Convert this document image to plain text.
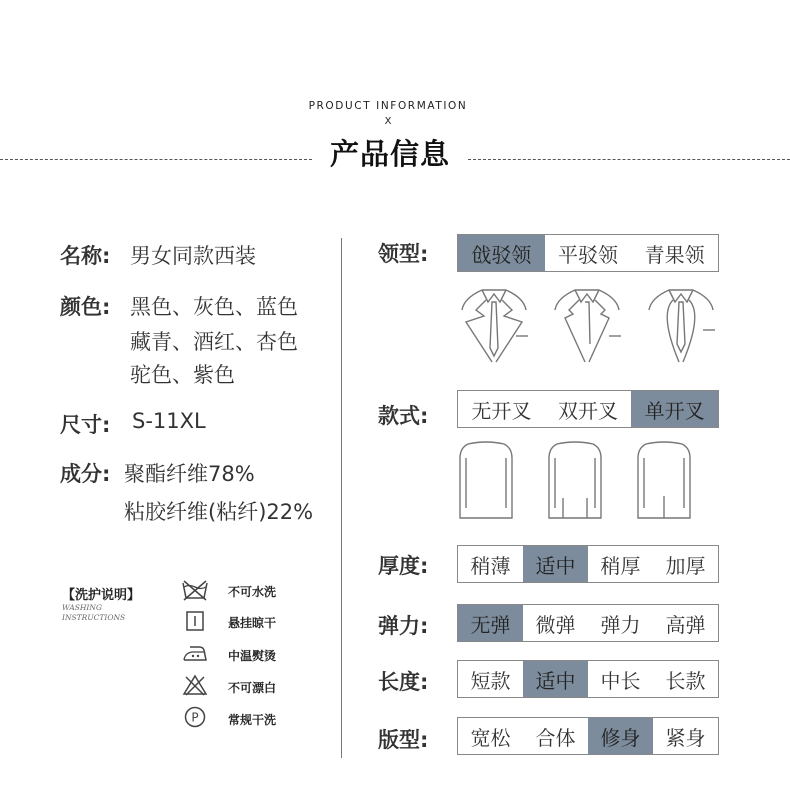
PRODUCT INFORMATION
X
产品信息
名称: 男女同款西装
颜色: 黑色、灰色、蓝色
藏青、酒红、杏色
驼色、紫色
尺寸: S-11XL
成分: 聚酯纤维78%
粘胶纤维(粘纤)22%
【洗护说明】
WASHING
INSTRUCTIONS
不可水洗
悬挂晾干
中温熨烫
不可漂白
P 常规干洗
领型:	戗驳领	平驳领	青果领
款式:	无开叉	双开叉	单开叉
厚度:	稍薄	适中	稍厚	加厚
弹力:	无弹	微弹	弹力	高弹
长度:	短款	适中	中长	长款
版型:	宽松	合体	修身	紧身
